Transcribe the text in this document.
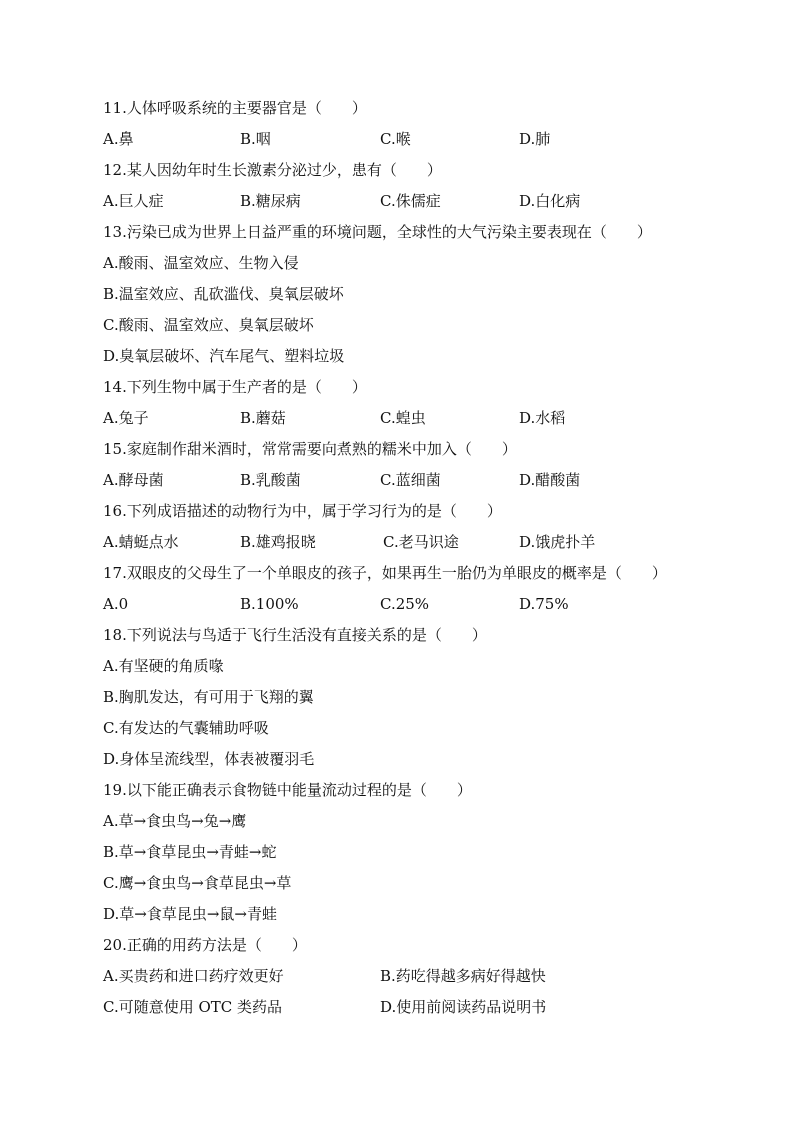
11.人体呼吸系统的主要器官是（　　）
A.鼻	B.咽	C.喉	D.肺
12.某人因幼年时生长激素分泌过少，患有（　　）
A.巨人症	B.糖尿病	C.侏儒症	D.白化病
13.污染已成为世界上日益严重的环境问题，全球性的大气污染主要表现在（　　）
A.酸雨、温室效应、生物入侵
B.温室效应、乱砍滥伐、臭氧层破坏
C.酸雨、温室效应、臭氧层破坏
D.臭氧层破坏、汽车尾气、塑料垃圾
14.下列生物中属于生产者的是（　　）
A.兔子	B.蘑菇	C.蝗虫	D.水稻
15.家庭制作甜米酒时，常常需要向煮熟的糯米中加入（　　）
A.酵母菌	B.乳酸菌	C.蓝细菌	D.醋酸菌
16.下列成语描述的动物行为中，属于学习行为的是（　　）
A.蜻蜓点水	B.雄鸡报晓	C.老马识途	D.饿虎扑羊
17.双眼皮的父母生了一个单眼皮的孩子，如果再生一胎仍为单眼皮的概率是（　　）
A.0	B.100%	C.25%	D.75%
18.下列说法与鸟适于飞行生活没有直接关系的是（　　）
A.有坚硬的角质喙
B.胸肌发达，有可用于飞翔的翼
C.有发达的气囊辅助呼吸
D.身体呈流线型，体表被覆羽毛
19.以下能正确表示食物链中能量流动过程的是（　　）
A.草→食虫鸟→兔→鹰
B.草→食草昆虫→青蛙→蛇
C.鹰→食虫鸟→食草昆虫→草
D.草→食草昆虫→鼠→青蛙
20.正确的用药方法是（　　）
A.买贵药和进口药疗效更好	B.药吃得越多病好得越快
C.可随意使用 OTC 类药品	D.使用前阅读药品说明书
